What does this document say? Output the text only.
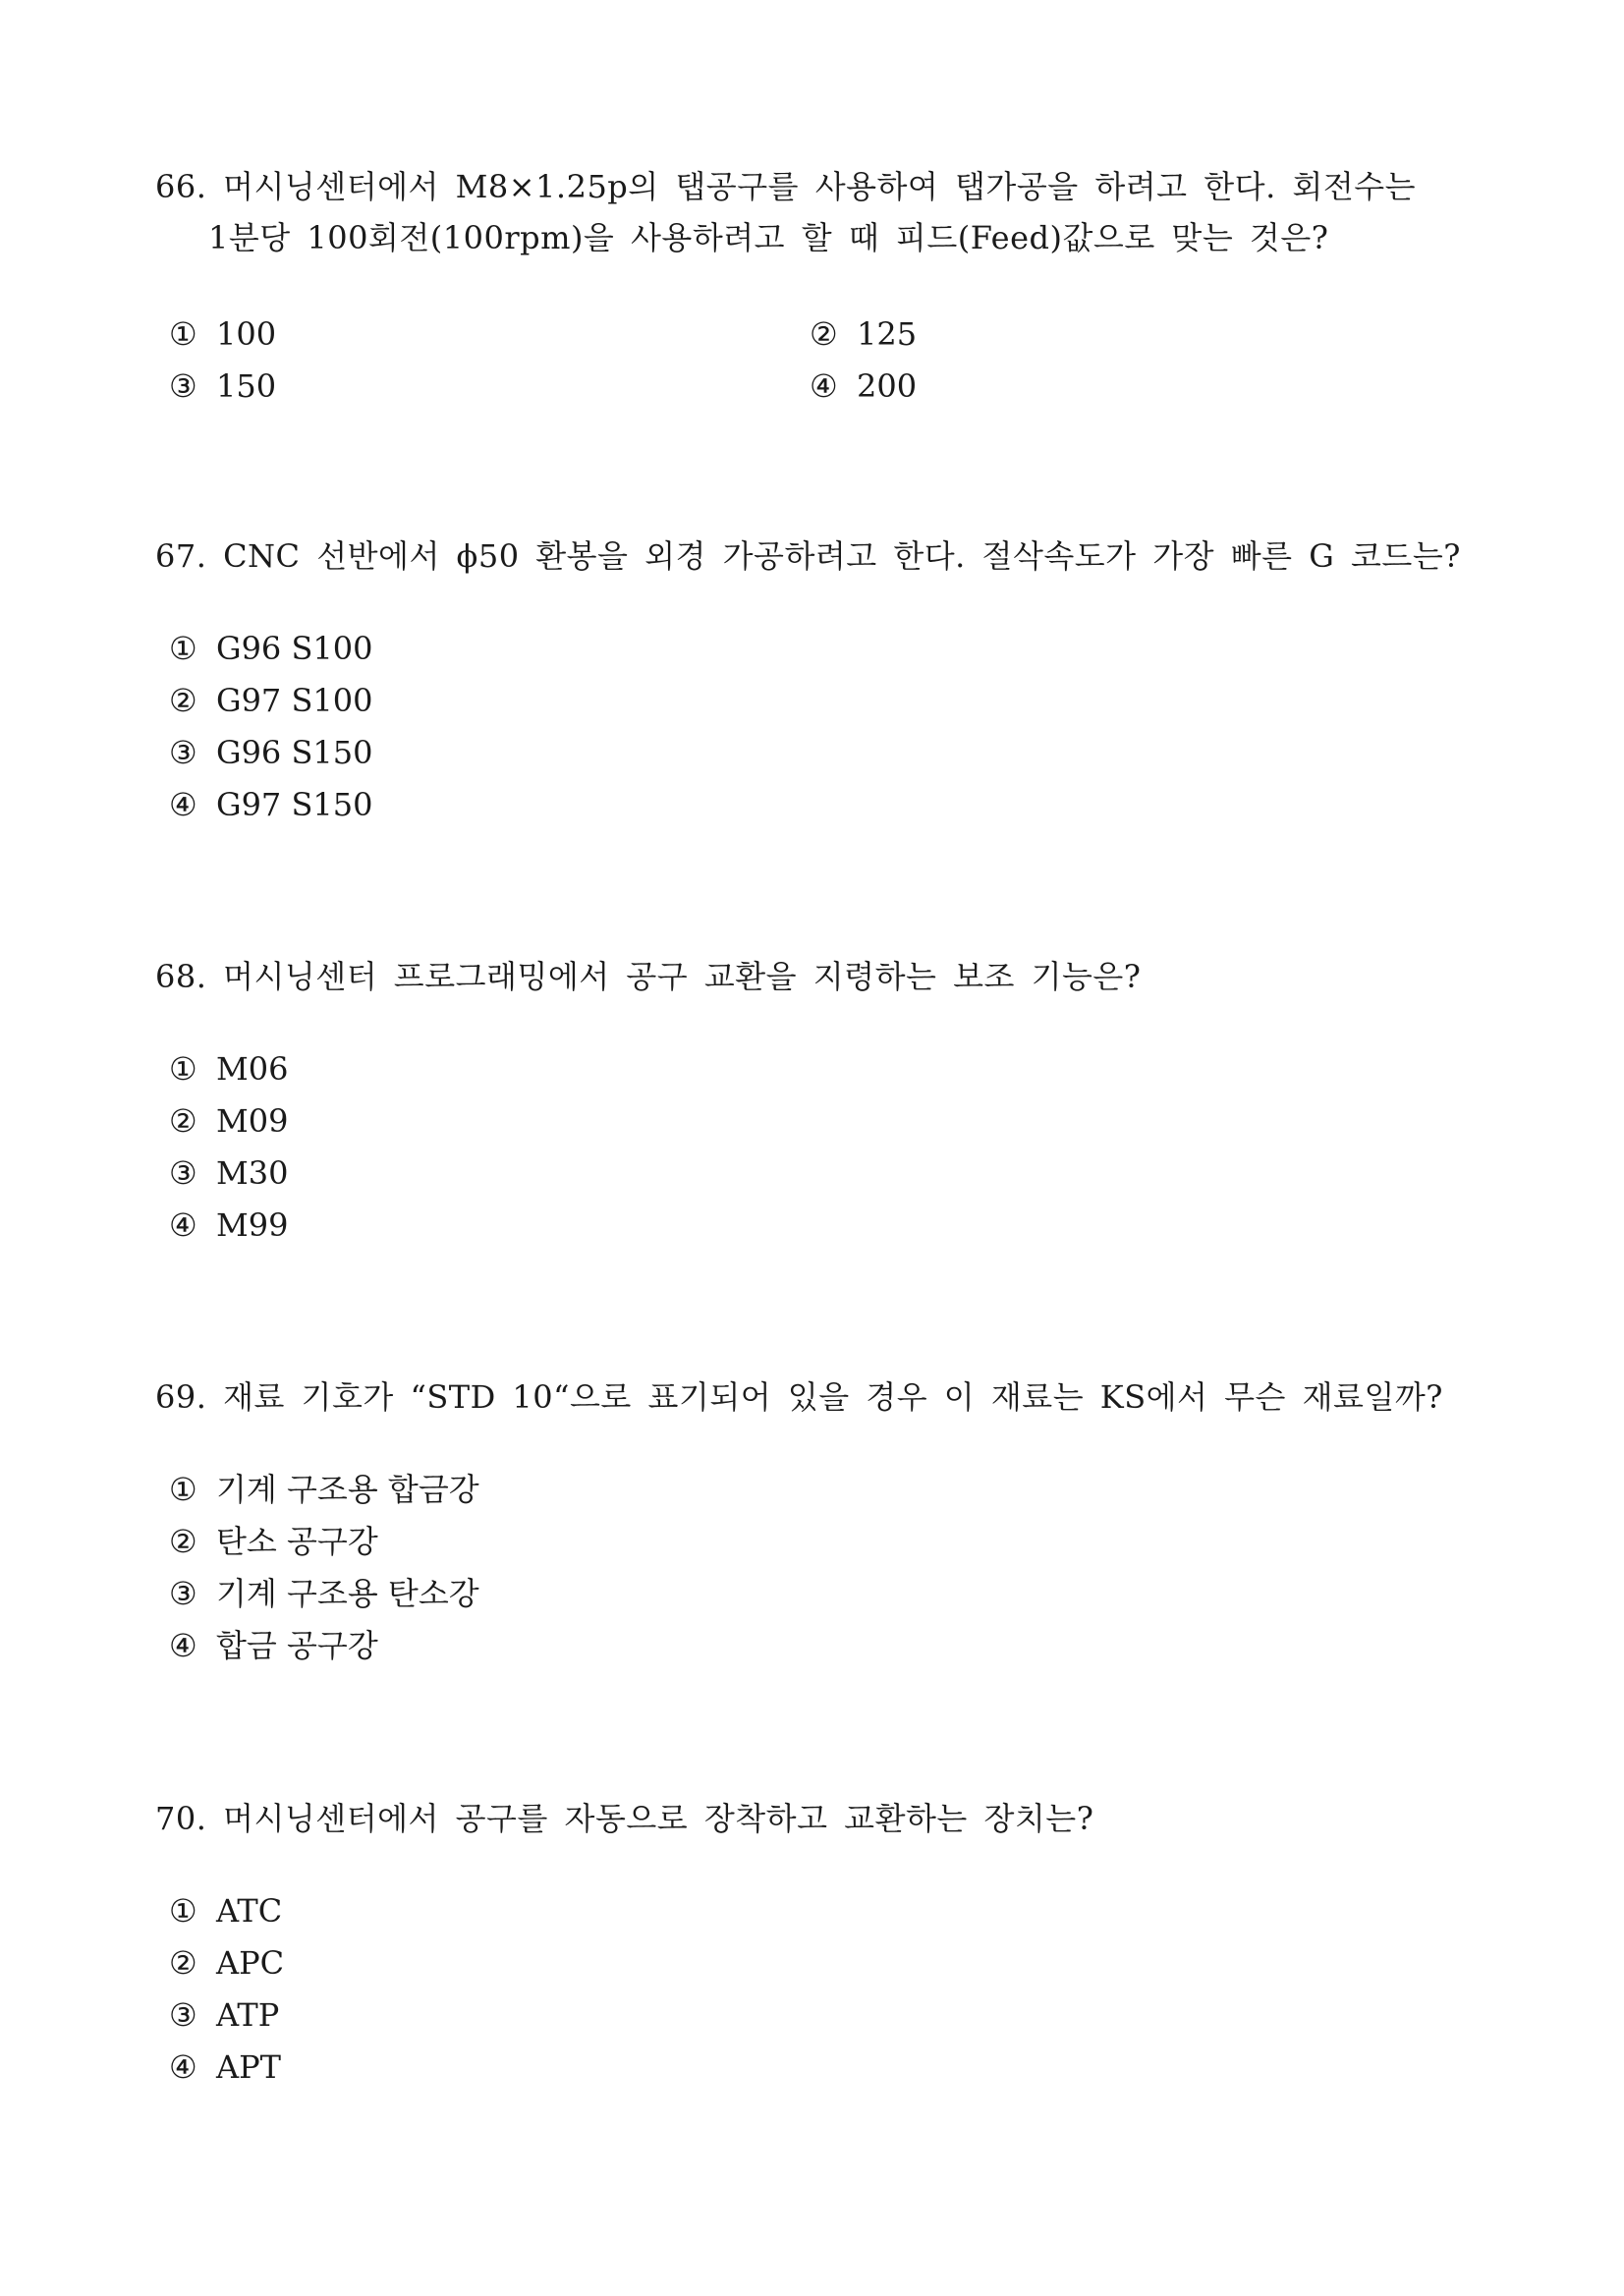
66. 머시닝센터에서 M8×1.25p의 탭공구를 사용하여 탭가공을 하려고 한다. 회전수는
1분당 100회전(100rpm)을 사용하려고 할 때 피드(Feed)값으로 맞는 것은?

① 100	② 125
③ 150	④ 200

67. CNC 선반에서 ϕ50 환봉을 외경 가공하려고 한다. 절삭속도가 가장 빠른 G 코드는?

① G96 S100
② G97 S100
③ G96 S150
④ G97 S150

68. 머시닝센터 프로그래밍에서 공구 교환을 지령하는 보조 기능은?

① M06
② M09
③ M30
④ M99

69. 재료 기호가 “STD 10“으로 표기되어 있을 경우 이 재료는 KS에서 무슨 재료일까?

① 기계 구조용 합금강
② 탄소 공구강
③ 기계 구조용 탄소강
④ 합금 공구강

70. 머시닝센터에서 공구를 자동으로 장착하고 교환하는 장치는?

① ATC
② APC
③ ATP
④ APT
